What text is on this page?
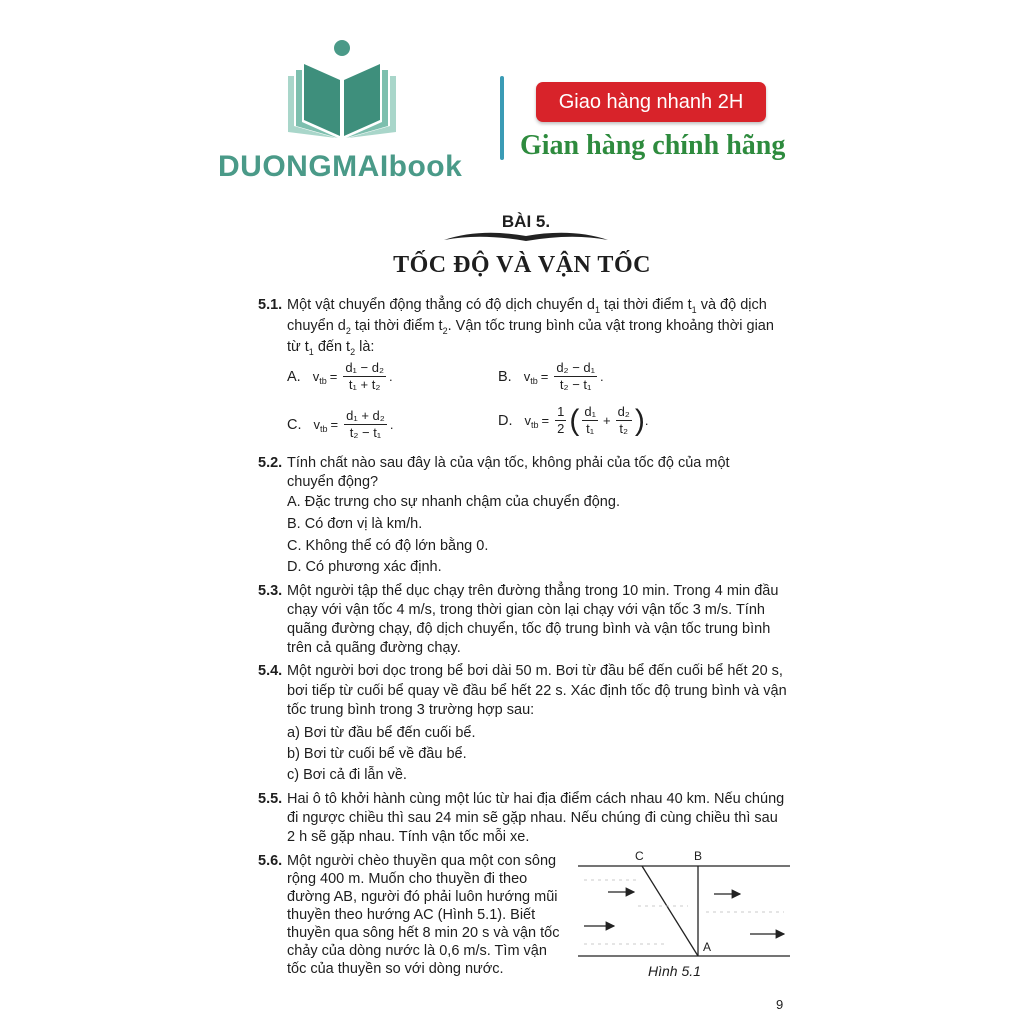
DUONGMAIbook
Giao hàng nhanh 2H
Gian hàng chính hãng
BÀI 5.
TỐC ĐỘ VÀ VẬN TỐC
5.1. Một vật chuyển động thẳng có độ dịch chuyển $d_1$ tại thời điểm $t_1$ và độ dịch
chuyển $d_2$ tại thời điểm $t_2$. Vận tốc trung bình của vật trong khoảng thời gian
từ $t_1$ đến $t_2$ là:
A. v tb = $\frac{\text{d₁ − d₂}}{\text{t₁ + t₂}}$ .	B. v tb = $\frac{\text{d₂ − d₁}}{\text{t₂ − t₁}}$ .
C. v tb = $\frac{\text{d₁ + d₂}}{\text{t₂ − t₁}}$ .	D. v tb = $\frac{1}{2}$ ( $\frac{\text{d₁}}{\text{t₁}} + \frac{\text{d₂}}{\text{t₂}}$ ) .
5.2. Tính chất nào sau đây là của vận tốc, không phải của tốc độ của một
chuyển động?
A. Đặc trưng cho sự nhanh chậm của chuyển động.
B. Có đơn vị là km/h.
C. Không thể có độ lớn bằng 0.
D. Có phương xác định.
5.3. Một người tập thể dục chạy trên đường thẳng trong 10 min. Trong 4 min đầu
chạy với vận tốc 4 m/s, trong thời gian còn lại chạy với vận tốc 3 m/s. Tính
quãng đường chạy, độ dịch chuyển, tốc độ trung bình và vận tốc trung bình
trên cả quãng đường chạy.
5.4. Một người bơi dọc trong bể bơi dài 50 m. Bơi từ đầu bể đến cuối bể hết 20 s,
bơi tiếp từ cuối bể quay về đầu bể hết 22 s. Xác định tốc độ trung bình và vận
tốc trung bình trong 3 trường hợp sau:
a) Bơi từ đầu bể đến cuối bể.
b) Bơi từ cuối bể về đầu bể.
c) Bơi cả đi lẫn về.
5.5. Hai ô tô khởi hành cùng một lúc từ hai địa điểm cách nhau 40 km. Nếu chúng
đi ngược chiều thì sau 24 min sẽ gặp nhau. Nếu chúng đi cùng chiều thì sau
2 h sẽ gặp nhau. Tính vận tốc mỗi xe.
5.6. Một người chèo thuyền qua một con sông
rộng 400 m. Muốn cho thuyền đi theo
đường AB, người đó phải luôn hướng mũi
thuyền theo hướng AC (Hình 5.1). Biết
thuyền qua sông hết 8 min 20 s và vận tốc
chảy của dòng nước là 0,6 m/s. Tìm vận
tốc của thuyền so với dòng nước.
C	B
A
Hình 5.1
9
